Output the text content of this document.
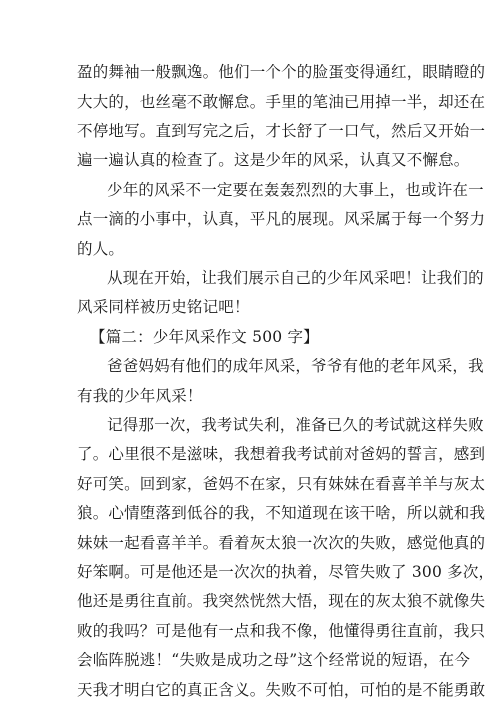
盈的舞袖一般飘逸。他们一个个的脸蛋变得通红，眼睛瞪的
大大的，也丝毫不敢懈怠。手里的笔油已用掉一半，却还在
不停地写。直到写完之后，才长舒了一口气，然后又开始一
遍一遍认真的检查了。这是少年的风采，认真又不懈怠。
少年的风采不一定要在轰轰烈烈的大事上，也或许在一
点一滴的小事中，认真，平凡的展现。风采属于每一个努力
的人。
从现在开始，让我们展示自己的少年风采吧！让我们的
风采同样被历史铭记吧！
【篇二：少年风采作文 500 字】
爸爸妈妈有他们的成年风采，爷爷有他的老年风采，我
有我的少年风采！
记得那一次，我考试失利，准备已久的考试就这样失败
了。心里很不是滋味，我想着我考试前对爸妈的誓言，感到
好可笑。回到家，爸妈不在家，只有妹妹在看喜羊羊与灰太
狼。心情堕落到低谷的我，不知道现在该干啥，所以就和我
妹妹一起看喜羊羊。看着灰太狼一次次的失败，感觉他真的
好笨啊。可是他还是一次次的执着，尽管失败了 300 多次，
他还是勇往直前。我突然恍然大悟，现在的灰太狼不就像失
败的我吗？可是他有一点和我不像，他懂得勇往直前，我只
会临阵脱逃！“失败是成功之母”这个经常说的短语，在今
天我才明白它的真正含义。失败不可怕，可怕的是不能勇敢
